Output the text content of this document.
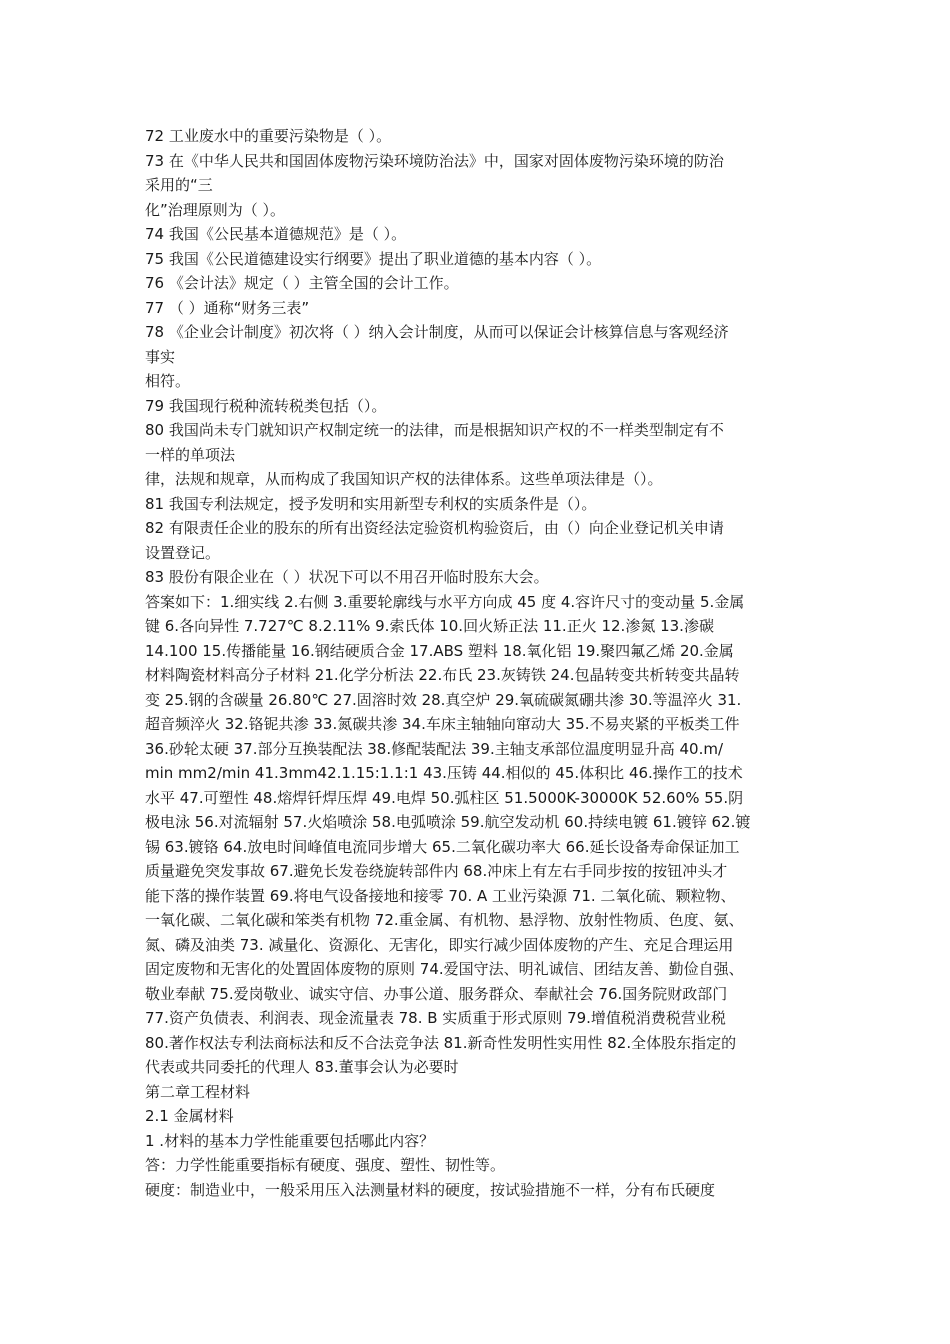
72 工业废水中的重要污染物是（ ）。
73 在《中华人民共和国固体废物污染环境防治法》中，国家对固体废物污染环境的防治
采用的“三
化”治理原则为（ ）。
74 我国《公民基本道德规范》是（ ）。
75 我国《公民道德建设实行纲要》提出了职业道德的基本内容（ ）。
76 《会计法》规定（ ）主管全国的会计工作。
77 （ ）通称“财务三表”
78 《企业会计制度》初次将（ ）纳入会计制度，从而可以保证会计核算信息与客观经济
事实
相符。
79 我国现行税种流转税类包括（）。
80 我国尚未专门就知识产权制定统一的法律，而是根据知识产权的不一样类型制定有不
一样的单项法
律，法规和规章，从而构成了我国知识产权的法律体系。这些单项法律是（）。
81 我国专利法规定，授予发明和实用新型专利权的实质条件是（）。
82 有限责任企业的股东的所有出资经法定验资机构验资后，由（）向企业登记机关申请
设置登记。
83 股份有限企业在（ ）状况下可以不用召开临时股东大会。
答案如下：1.细实线 2.右侧 3.重要轮廓线与水平方向成 45 度 4.容许尺寸的变动量 5.金属
键 6.各向异性 7.727℃ 8.2.11% 9.索氏体 10.回火矫正法 11.正火 12.渗氮 13.渗碳
14.100 15.传播能量 16.钢结硬质合金 17.ABS 塑料 18.氧化铝 19.聚四氟乙烯 20.金属
材料陶瓷材料高分子材料 21.化学分析法 22.布氏 23.灰铸铁 24.包晶转变共析转变共晶转
变 25.钢的含碳量 26.80℃ 27.固溶时效 28.真空炉 29.氧硫碳氮硼共渗 30.等温淬火 31.
超音频淬火 32.铬铌共渗 33.氮碳共渗 34.车床主轴轴向窜动大 35.不易夹紧的平板类工件
36.砂轮太硬 37.部分互换装配法 38.修配装配法 39.主轴支承部位温度明显升高 40.m/
min mm2/min 41.3mm42.1.15:1.1:1 43.压铸 44.相似的 45.体积比 46.操作工的技术
水平 47.可塑性 48.熔焊钎焊压焊 49.电焊 50.弧柱区 51.5000K-30000K 52.60% 55.阴
极电泳 56.对流辐射 57.火焰喷涂 58.电弧喷涂 59.航空发动机 60.持续电镀 61.镀锌 62.镀
锡 63.镀铬 64.放电时间峰值电流同步增大 65.二氧化碳功率大 66.延长设备寿命保证加工
质量避免突发事故 67.避免长发卷绕旋转部件内 68.冲床上有左右手同步按的按钮冲头才
能下落的操作装置 69.将电气设备接地和接零 70. A 工业污染源 71. 二氧化硫、颗粒物、
一氧化碳、二氧化碳和笨类有机物 72.重金属、有机物、悬浮物、放射性物质、色度、氨、
氮、磷及油类 73. 减量化、资源化、无害化，即实行减少固体废物的产生、充足合理运用
固定废物和无害化的处置固体废物的原则 74.爱国守法、明礼诚信、团结友善、勤俭自强、
敬业奉献 75.爱岗敬业、诚实守信、办事公道、服务群众、奉献社会 76.国务院财政部门
77.资产负债表、利润表、现金流量表 78. B 实质重于形式原则 79.增值税消费税营业税
80.著作权法专利法商标法和反不合法竞争法 81.新奇性发明性实用性 82.全体股东指定的
代表或共同委托的代理人 83.董事会认为必要时
第二章工程材料
2.1 金属材料
1 .材料的基本力学性能重要包括哪此内容？
答：力学性能重要指标有硬度、强度、塑性、韧性等。
硬度：制造业中，一般采用压入法测量材料的硬度，按试验措施不一样，分有布氏硬度
